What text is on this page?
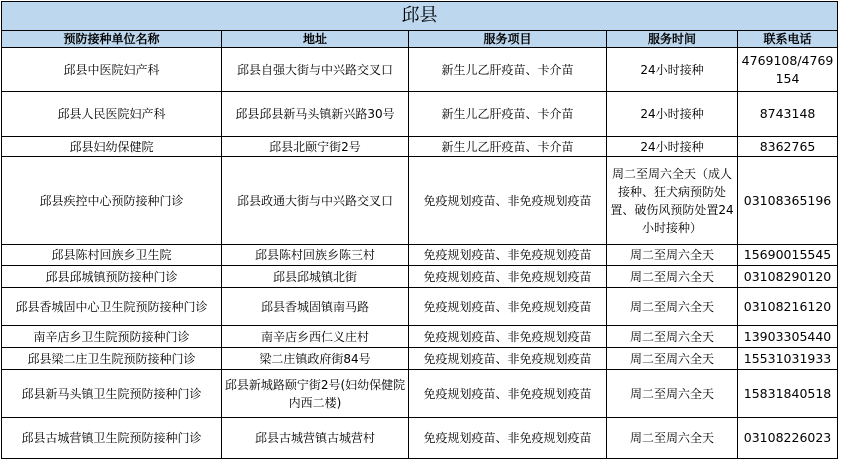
邱县				
预防接种单位名称	地址	服务项目	服务时间	联系电话
邱县中医院妇产科	邱县自强大街与中兴路交叉口	新生儿乙肝疫苗、卡介苗	24小时接种	4769108/4769154
邱县人民医院妇产科	邱县邱县新马头镇新兴路30号	新生儿乙肝疫苗、卡介苗	24小时接种	8743148
邱县妇幼保健院	邱县北颐宁街2号	新生儿乙肝疫苗、卡介苗	24小时接种	8362765
邱县疾控中心预防接种门诊	邱县政通大街与中兴路交叉口	免疫规划疫苗、非免疫规划疫苗	周二至周六全天（成人接种、狂犬病预防处置、破伤风预防处置24小时接种）	03108365196
邱县陈村回族乡卫生院	邱县陈村回族乡陈三村	免疫规划疫苗、非免疫规划疫苗	周二至周六全天	15690015545
邱县邱城镇预防接种门诊	邱县邱城镇北街	免疫规划疫苗、非免疫规划疫苗	周二至周六全天	03108290120
邱县香城固中心卫生院预防接种门诊	邱县香城固镇南马路	免疫规划疫苗、非免疫规划疫苗	周二至周六全天	03108216120
南辛店乡卫生院预防接种门诊	南辛店乡西仁义庄村	免疫规划疫苗、非免疫规划疫苗	周二至周六全天	13903305440
邱县梁二庄卫生院预防接种门诊	梁二庄镇政府街84号	免疫规划疫苗、非免疫规划疫苗	周二至周六全天	15531031933
邱县新马头镇卫生院预防接种门诊	邱县新城路颐宁街2号(妇幼保健院内西二楼)	免疫规划疫苗、非免疫规划疫苗	周二至周六全天	15831840518
邱县古城营镇卫生院预防接种门诊	邱县古城营镇古城营村	免疫规划疫苗、非免疫规划疫苗	周二至周六全天	03108226023
